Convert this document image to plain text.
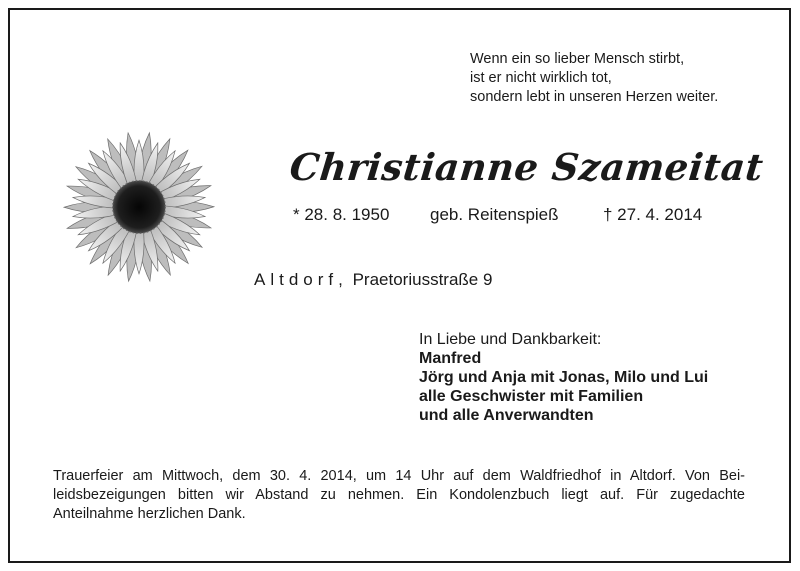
Wenn ein so lieber Mensch stirbt,
ist er nicht wirklich tot,
sondern lebt in unseren Herzen weiter.
Christianne Szameitat
* 28. 8. 1950 geb. Reitenspieß	† 27. 4. 2014
Altdorf, Praetoriusstraße 9
In Liebe und Dankbarkeit:
Manfred
Jörg und Anja mit Jonas, Milo und Lui
alle Geschwister mit Familien
und alle Anverwandten
Trauerfeier am Mittwoch, dem 30. 4. 2014, um 14 Uhr auf dem Waldfriedhof in Altdorf. Von Bei-
leidsbezeigungen bitten wir Abstand zu nehmen. Ein Kondolenzbuch liegt auf. Für zugedachte
Anteilnahme herzlichen Dank.
